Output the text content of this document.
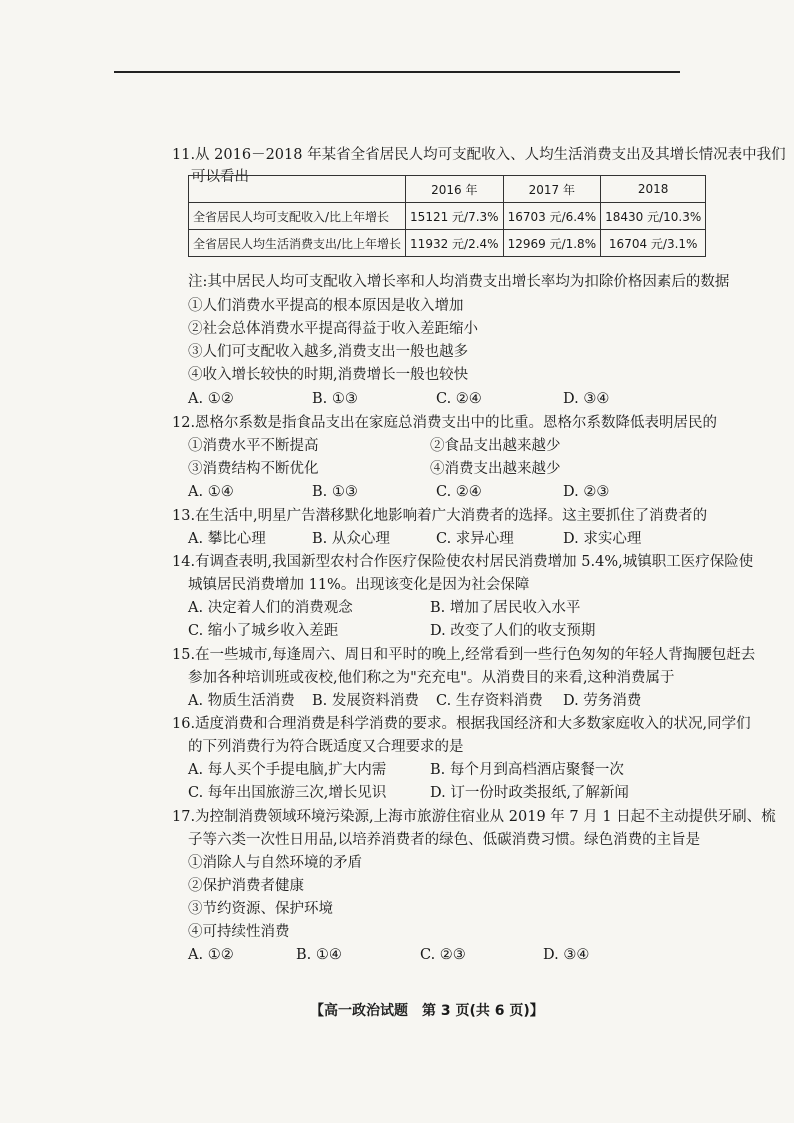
11.从 2016－2018 年某省全省居民人均可支配收入、人均生活消费支出及其增长情况表中我们
可以看出
	2016 年	2017 年	2018
全省居民人均可支配收入/比上年增长	15121 元/7.3%	16703 元/6.4%	18430 元/10.3%
全省居民人均生活消费支出/比上年增长	11932 元/2.4%	12969 元/1.8%	16704 元/3.1%
注:其中居民人均可支配收入增长率和人均消费支出增长率均为扣除价格因素后的数据
①人们消费水平提高的根本原因是收入增加
②社会总体消费水平提高得益于收入差距缩小
③人们可支配收入越多,消费支出一般也越多
④收入增长较快的时期,消费增长一般也较快
A. ①②	B. ①③	C. ②④	D. ③④
12.恩格尔系数是指食品支出在家庭总消费支出中的比重。恩格尔系数降低表明居民的
①消费水平不断提高	②食品支出越来越少
③消费结构不断优化	④消费支出越来越少
A. ①④	B. ①③	C. ②④	D. ②③
13.在生活中,明星广告潜移默化地影响着广大消费者的选择。这主要抓住了消费者的
A. 攀比心理	B. 从众心理	C. 求异心理	D. 求实心理
14.有调查表明,我国新型农村合作医疗保险使农村居民消费增加 5.4%,城镇职工医疗保险使
城镇居民消费增加 11%。出现该变化是因为社会保障
A. 决定着人们的消费观念	B. 增加了居民收入水平
C. 缩小了城乡收入差距	D. 改变了人们的收支预期
15.在一些城市,每逢周六、周日和平时的晚上,经常看到一些行色匆匆的年轻人背掏腰包赶去
参加各种培训班或夜校,他们称之为"充充电"。从消费目的来看,这种消费属于
A. 物质生活消费 B. 发展资料消费 C. 生存资料消费 D. 劳务消费
16.适度消费和合理消费是科学消费的要求。根据我国经济和大多数家庭收入的状况,同学们
的下列消费行为符合既适度又合理要求的是
A. 每人买个手提电脑,扩大内需	B. 每个月到高档酒店聚餐一次
C. 每年出国旅游三次,增长见识	D. 订一份时政类报纸,了解新闻
17.为控制消费领域环境污染源,上海市旅游住宿业从 2019 年 7 月 1 日起不主动提供牙刷、梳
子等六类一次性日用品,以培养消费者的绿色、低碳消费习惯。绿色消费的主旨是
①消除人与自然环境的矛盾
②保护消费者健康
③节约资源、保护环境
④可持续性消费
A. ①②	B. ①④	C. ②③	D. ③④
【高一政治试题　第 3 页(共 6 页)】
